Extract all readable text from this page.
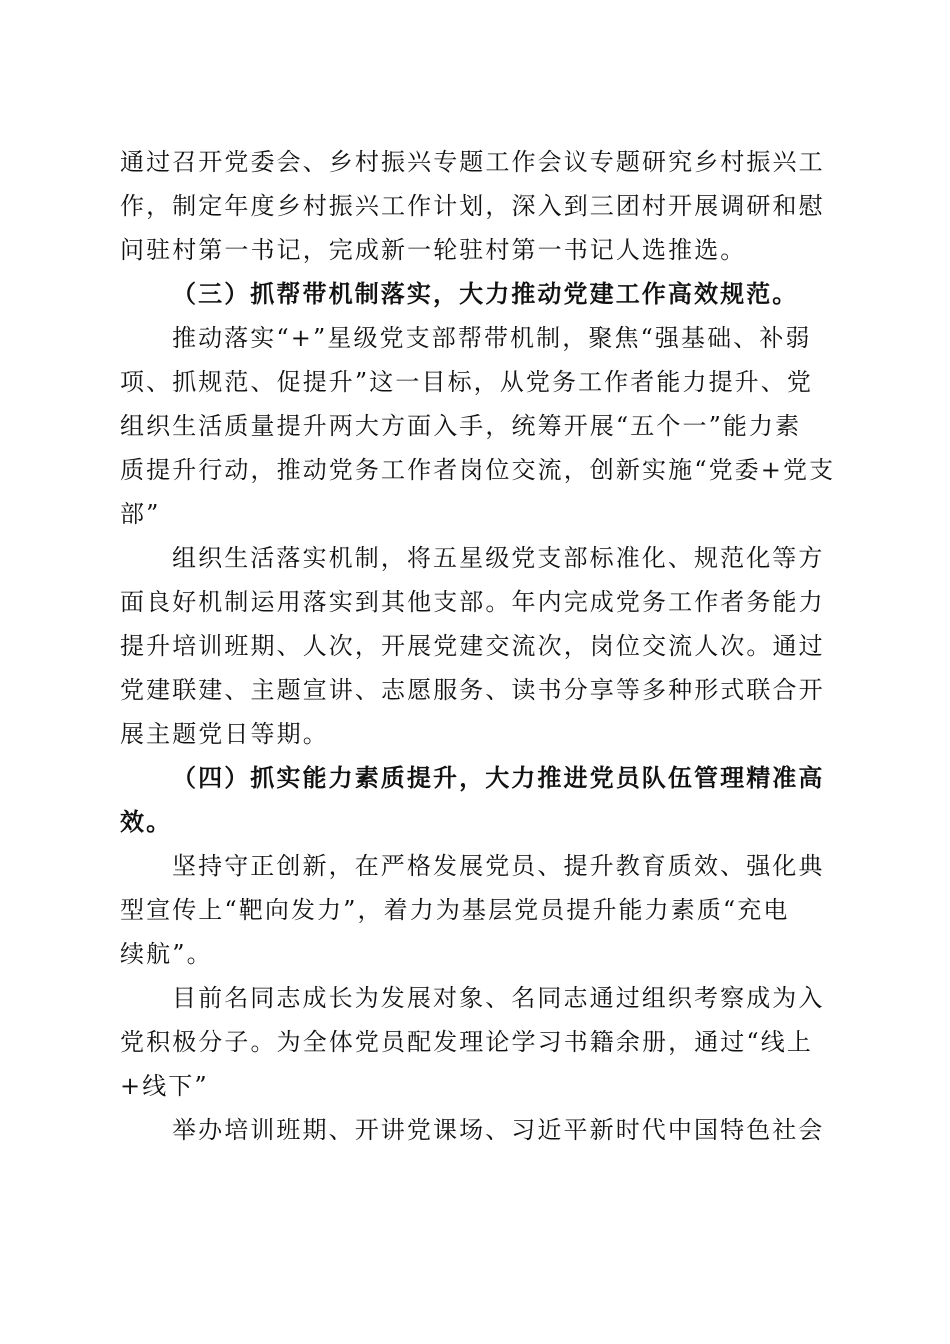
通过召开党委会、乡村振兴专题工作会议专题研究乡村振兴工
作，制定年度乡村振兴工作计划，深入到三团村开展调研和慰
问驻村第一书记，完成新一轮驻村第一书记人选推选。
（三）抓帮带机制落实，大力推动党建工作高效规范。
推动落实“+”星级党支部帮带机制，聚焦“强基础、补弱
项、抓规范、促提升”这一目标，从党务工作者能力提升、党
组织生活质量提升两大方面入手，统筹开展“五个一”能力素
质提升行动，推动党务工作者岗位交流，创新实施“党委+党支
部”
组织生活落实机制，将五星级党支部标准化、规范化等方
面良好机制运用落实到其他支部。年内完成党务工作者务能力
提升培训班期、人次，开展党建交流次，岗位交流人次。通过
党建联建、主题宣讲、志愿服务、读书分享等多种形式联合开
展主题党日等期。
（四）抓实能力素质提升，大力推进党员队伍管理精准高
效。
坚持守正创新，在严格发展党员、提升教育质效、强化典
型宣传上“靶向发力”，着力为基层党员提升能力素质“充电
续航”。
目前名同志成长为发展对象、名同志通过组织考察成为入
党积极分子。为全体党员配发理论学习书籍余册，通过“线上
+线下”
举办培训班期、开讲党课场、习近平新时代中国特色社会
